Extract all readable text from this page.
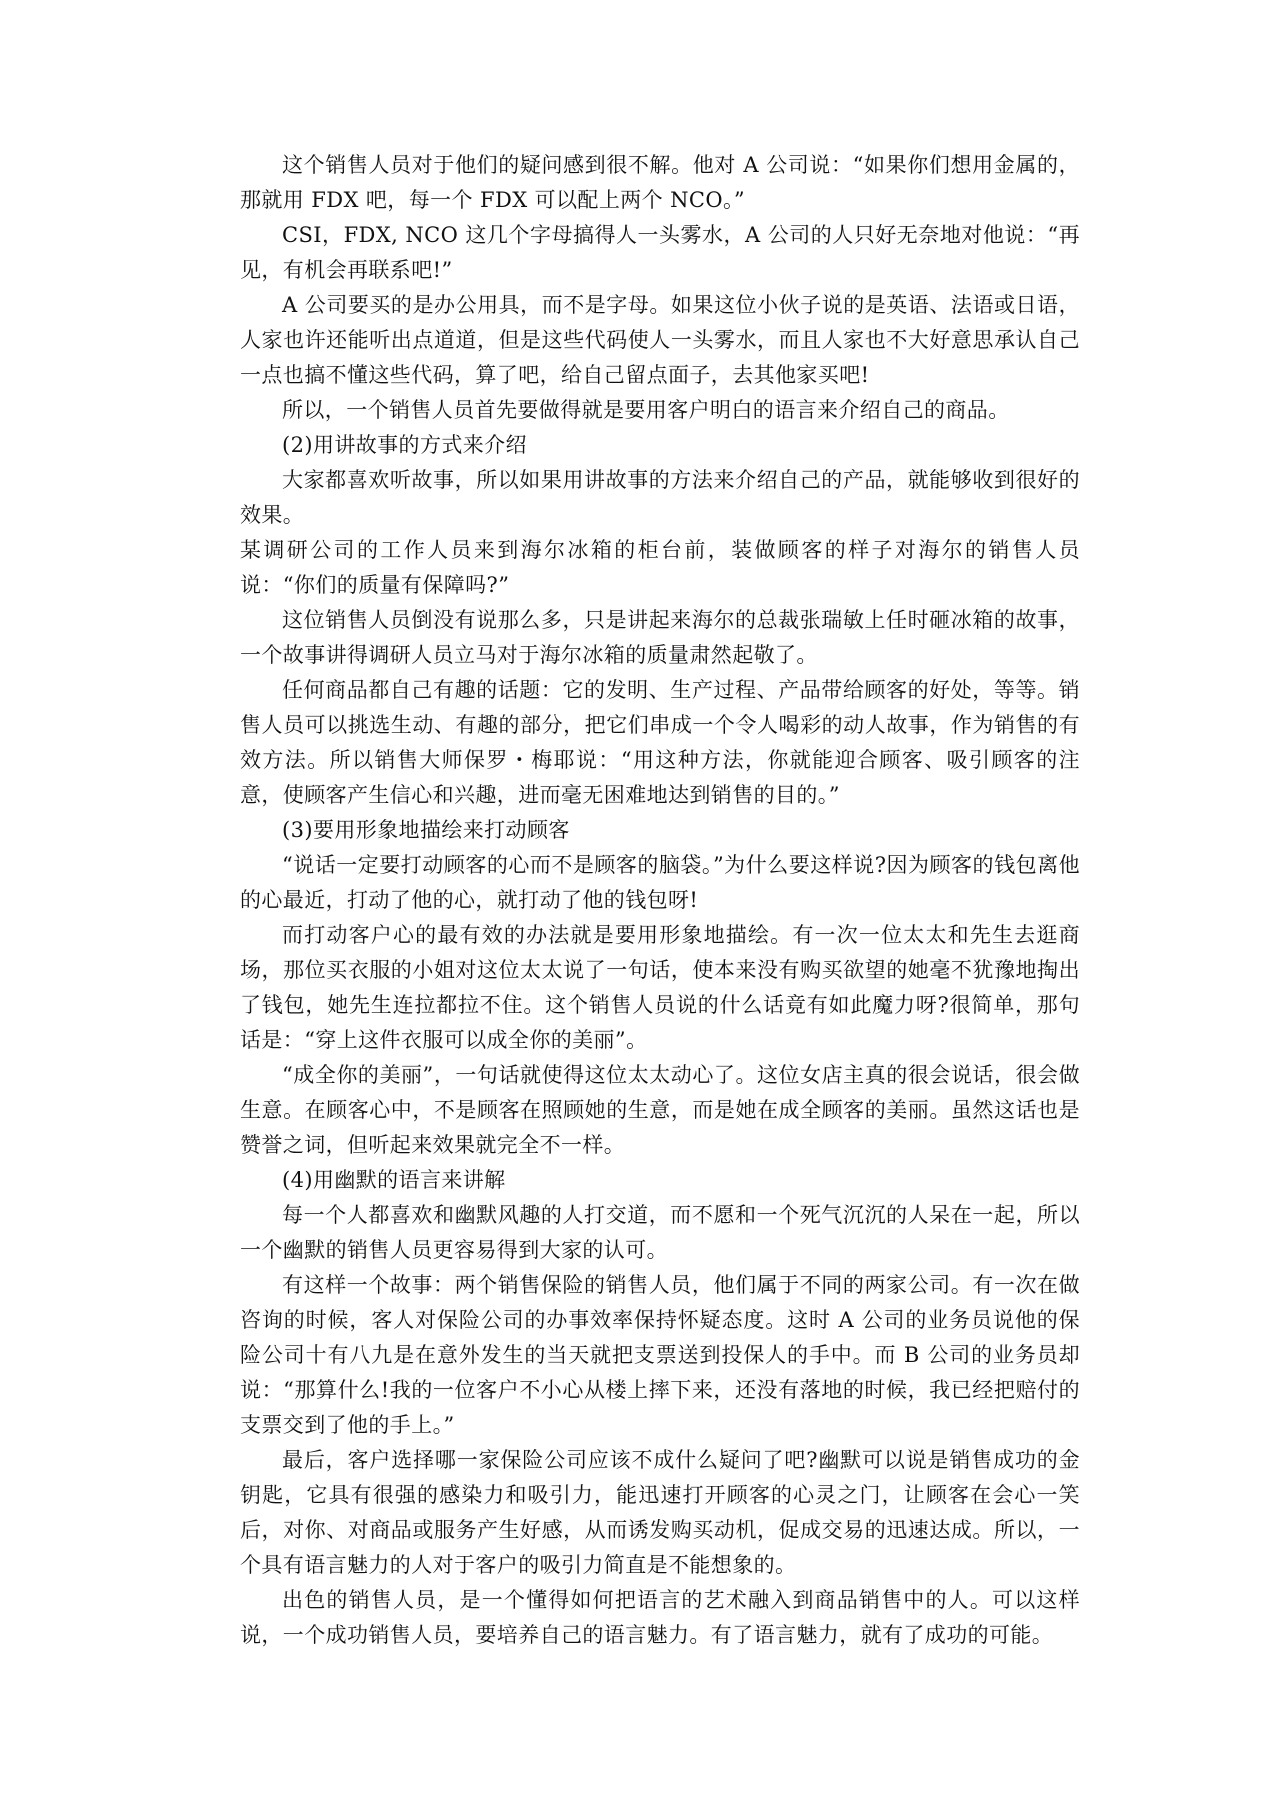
这个销售人员对于他们的疑问感到很不解。他对 A 公司说：“如果你们想用金属的，那就用 FDX 吧，每一个 FDX 可以配上两个 NCO。”

CSI，FDX, NCO 这几个字母搞得人一头雾水，A 公司的人只好无奈地对他说：“再见，有机会再联系吧!”

A 公司要买的是办公用具，而不是字母。如果这位小伙子说的是英语、法语或日语，人家也许还能听出点道道，但是这些代码使人一头雾水，而且人家也不大好意思承认自己一点也搞不懂这些代码，算了吧，给自己留点面子，去其他家买吧!

所以，一个销售人员首先要做得就是要用客户明白的语言来介绍自己的商品。

(2)用讲故事的方式来介绍

大家都喜欢听故事，所以如果用讲故事的方法来介绍自己的产品，就能够收到很好的效果。

某调研公司的工作人员来到海尔冰箱的柜台前，装做顾客的样子对海尔的销售人员说：“你们的质量有保障吗?”

这位销售人员倒没有说那么多，只是讲起来海尔的总裁张瑞敏上任时砸冰箱的故事，一个故事讲得调研人员立马对于海尔冰箱的质量肃然起敬了。

任何商品都自己有趣的话题：它的发明、生产过程、产品带给顾客的好处，等等。销售人员可以挑选生动、有趣的部分，把它们串成一个令人喝彩的动人故事，作为销售的有效方法。所以销售大师保罗・梅耶说：“用这种方法，你就能迎合顾客、吸引顾客的注意，使顾客产生信心和兴趣，进而毫无困难地达到销售的目的。”

(3)要用形象地描绘来打动顾客

“说话一定要打动顾客的心而不是顾客的脑袋。”为什么要这样说?因为顾客的钱包离他的心最近，打动了他的心，就打动了他的钱包呀!

而打动客户心的最有效的办法就是要用形象地描绘。有一次一位太太和先生去逛商场，那位买衣服的小姐对这位太太说了一句话，使本来没有购买欲望的她毫不犹豫地掏出了钱包，她先生连拉都拉不住。这个销售人员说的什么话竟有如此魔力呀?很简单，那句话是：“穿上这件衣服可以成全你的美丽”。

“成全你的美丽”，一句话就使得这位太太动心了。这位女店主真的很会说话，很会做生意。在顾客心中，不是顾客在照顾她的生意，而是她在成全顾客的美丽。虽然这话也是赞誉之词，但听起来效果就完全不一样。

(4)用幽默的语言来讲解

每一个人都喜欢和幽默风趣的人打交道，而不愿和一个死气沉沉的人呆在一起，所以一个幽默的销售人员更容易得到大家的认可。

有这样一个故事：两个销售保险的销售人员，他们属于不同的两家公司。有一次在做咨询的时候，客人对保险公司的办事效率保持怀疑态度。这时 A 公司的业务员说他的保险公司十有八九是在意外发生的当天就把支票送到投保人的手中。而 B 公司的业务员却说：“那算什么!我的一位客户不小心从楼上摔下来，还没有落地的时候，我已经把赔付的支票交到了他的手上。”

最后，客户选择哪一家保险公司应该不成什么疑问了吧?幽默可以说是销售成功的金钥匙，它具有很强的感染力和吸引力，能迅速打开顾客的心灵之门，让顾客在会心一笑后，对你、对商品或服务产生好感，从而诱发购买动机，促成交易的迅速达成。所以，一个具有语言魅力的人对于客户的吸引力简直是不能想象的。

出色的销售人员，是一个懂得如何把语言的艺术融入到商品销售中的人。可以这样说，一个成功销售人员，要培养自己的语言魅力。有了语言魅力，就有了成功的可能。
